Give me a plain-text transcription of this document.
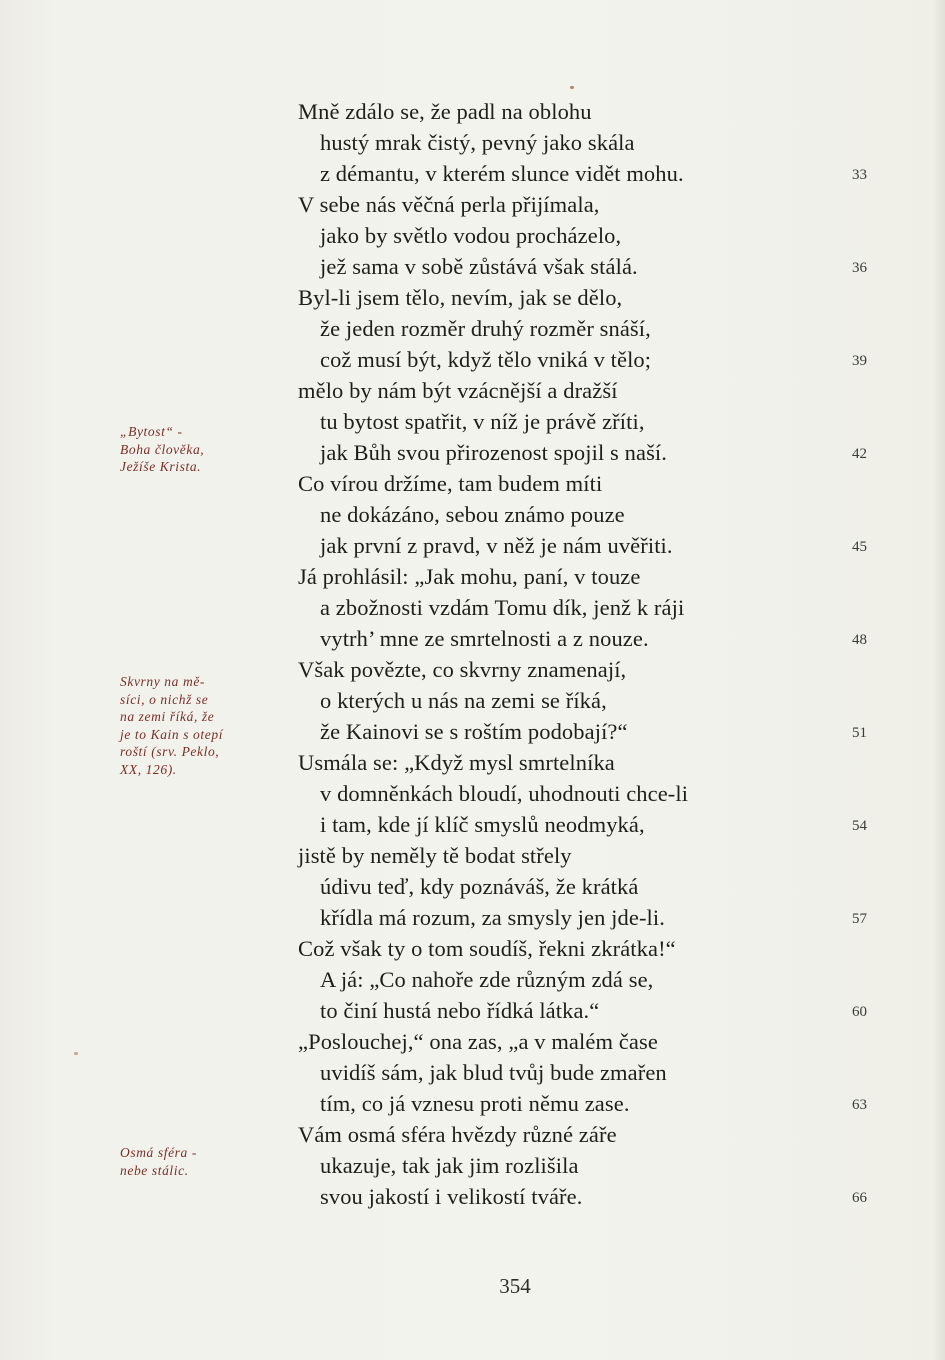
Mně zdálo se, že padl na oblohu
hustý mrak čistý, pevný jako skála
z démantu, v kterém slunce vidět mohu.
V sebe nás věčná perla přijímala,
jako by světlo vodou procházelo,
jež sama v sobě zůstává však stálá.
Byl-li jsem tělo, nevím, jak se dělo,
že jeden rozměr druhý rozměr snáší,
což musí být, když tělo vniká v tělo;
mělo by nám být vzácnější a dražší
tu bytost spatřit, v níž je právě zříti,
jak Bůh svou přirozenost spojil s naší.
Co vírou držíme, tam budem míti
ne dokázáno, sebou známo pouze
jak první z pravd, v něž je nám uvěřiti.
Já prohlásil: „Jak mohu, paní, v touze
a zbožnosti vzdám Tomu dík, jenž k ráji
vytrh’ mne ze smrtelnosti a z nouze.
Však povězte, co skvrny znamenají,
o kterých u nás na zemi se říká,
že Kainovi se s roštím podobají?“
Usmála se: „Když mysl smrtelníka
v domněnkách bloudí, uhodnouti chce-li
i tam, kde jí klíč smyslů neodmyká,
jistě by neměly tě bodat střely
údivu teď, kdy poznáváš, že krátká
křídla má rozum, za smysly jen jde-li.
Což však ty o tom soudíš, řekni zkrátka!“
A já: „Co nahoře zde různým zdá se,
to činí hustá nebo řídká látka.“
„Poslouchej,“ ona zas, „a v malém čase
uvidíš sám, jak blud tvůj bude zmařen
tím, co já vznesu proti němu zase.
Vám osmá sféra hvězdy různé záře
ukazuje, tak jak jim rozlišila
svou jakostí i velikostí tváře.
33
36
39
42
45
48
51
54
57
60
63
66
„Bytost“ -
Boha člověka,
Ježíše Krista.
Skvrny na mě-
síci, o nichž se
na zemi říká, že
je to Kain s otepí
roští (srv. Peklo,
XX, 126).
Osmá sféra -
nebe stálic.
354
